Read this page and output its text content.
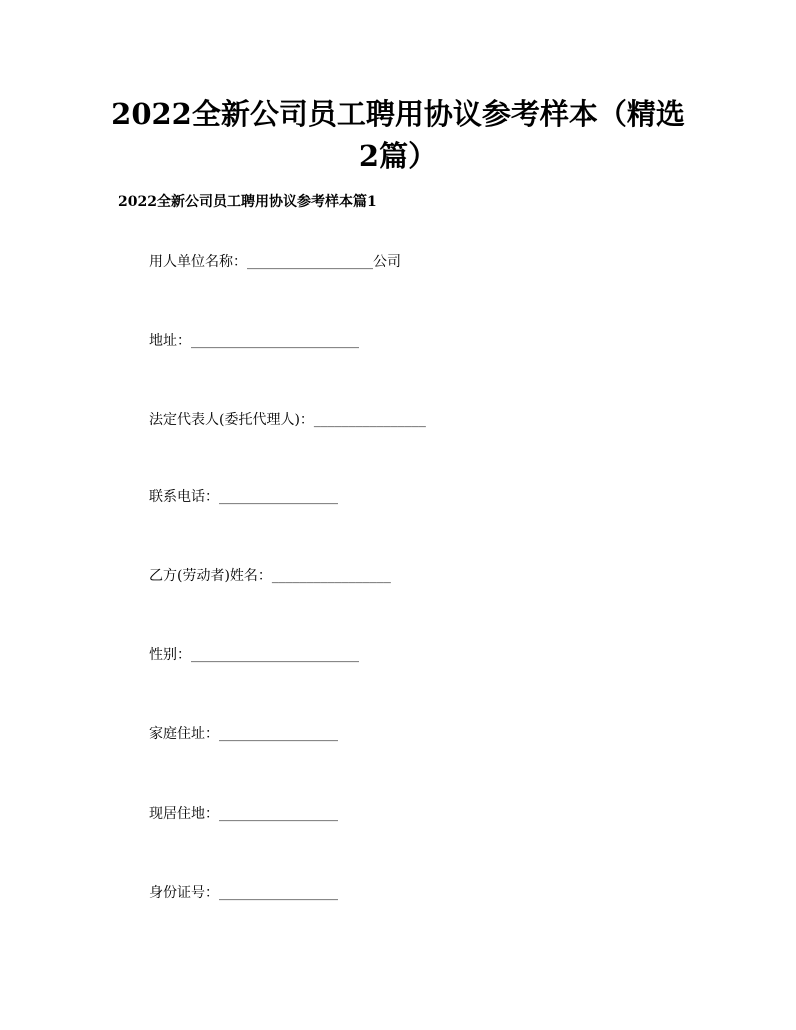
2022全新公司员工聘用协议参考样本（精选
2篇）
2022全新公司员工聘用协议参考样本篇1
用人单位名称：__________________公司
地址：________________________
法定代表人(委托代理人)：________________
联系电话：_________________
乙方(劳动者)姓名：_________________
性别：________________________
家庭住址：_________________
现居住地：_________________
身份证号：_________________
